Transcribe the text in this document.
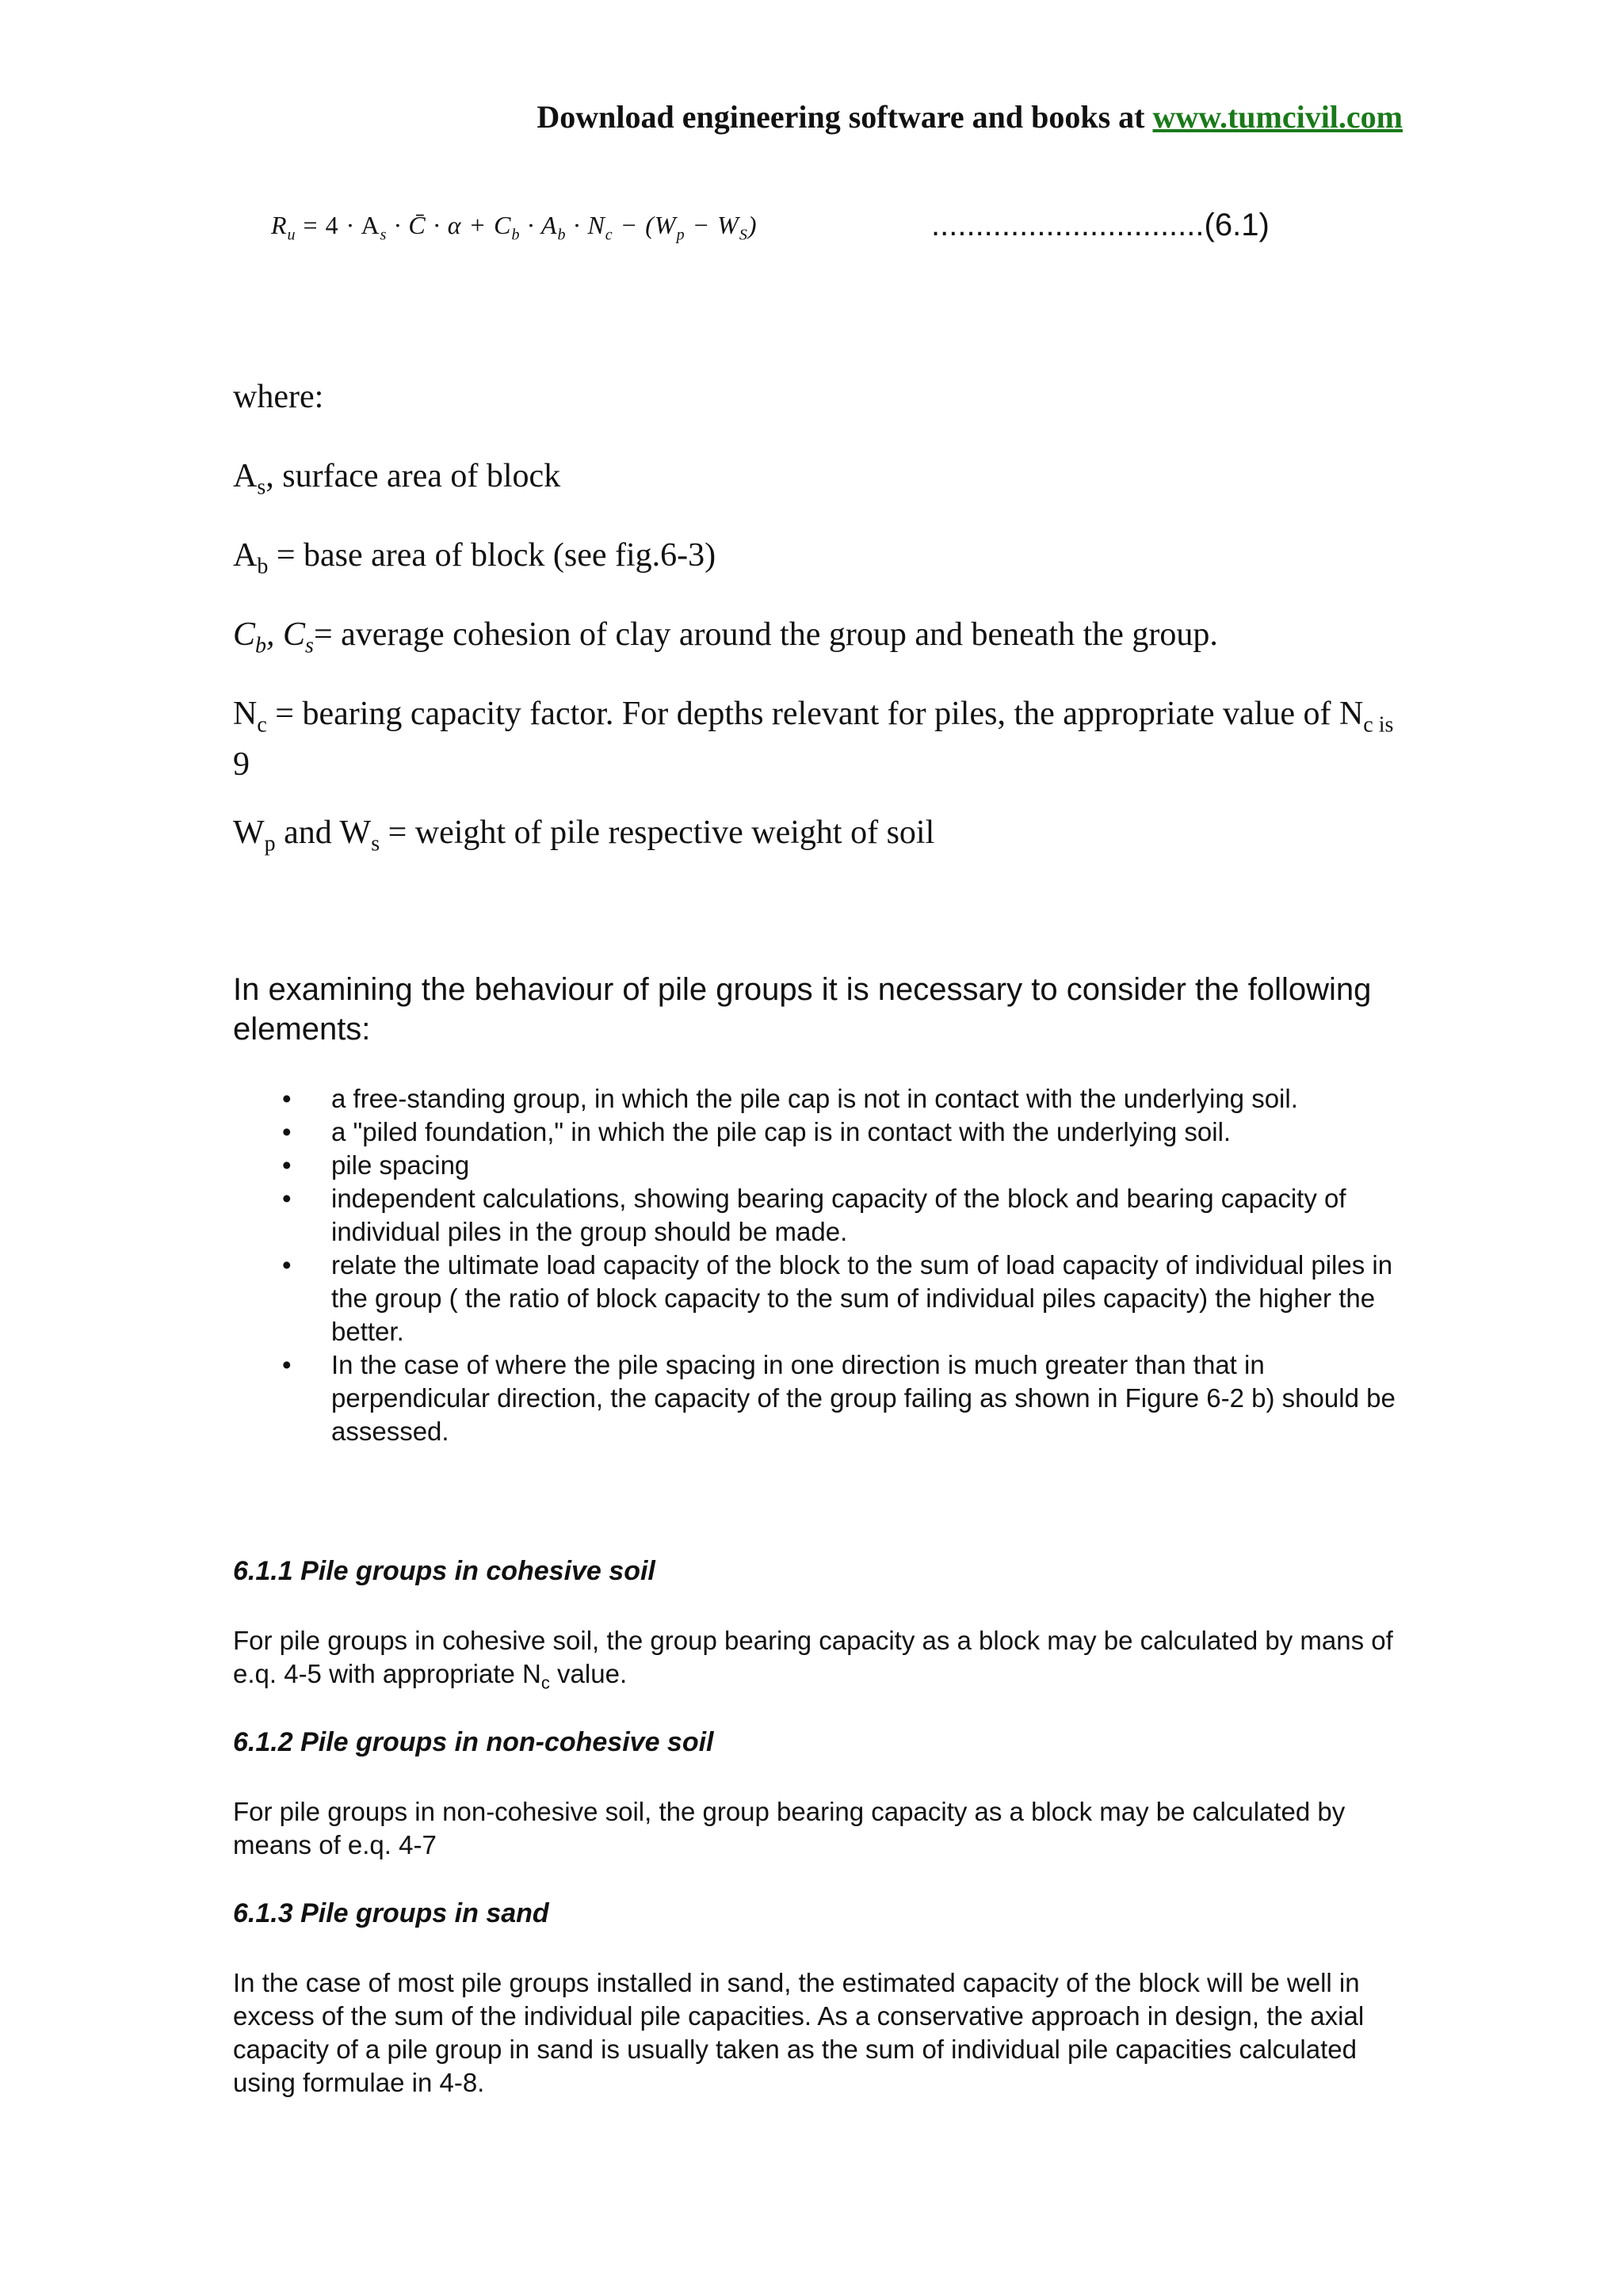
Download engineering software and books at www.tumcivil.com
$R_u = 4 \cdot A_s$ · C̄ · $\alpha + C_b \cdot A_b \cdot N_c - (W_p - W_S)$	...............................(6.1)
where:
$A_s$, surface area of block
$A_b$ = base area of block (see fig.6-3)
$C_b$, $C_s=$ average cohesion of clay around the group and beneath the group.
$N_c$ = bearing capacity factor. For depths relevant for piles, the appropriate value of $N_{c is}$ 9
$W_p$ and $W_s$ = weight of pile respective weight of soil
In examining the behaviour of pile groups it is necessary to consider the following elements:
• a free-standing group, in which the pile cap is not in contact with the underlying soil.
• a "piled foundation," in which the pile cap is in contact with the underlying soil.
• pile spacing
• independent calculations, showing bearing capacity of the block and bearing capacity of individual piles in the group should be made.
• relate the ultimate load capacity of the block to the sum of load capacity of individual piles in the group ( the ratio of block capacity to the sum of individual piles capacity) the higher the better.
• In the case of where the pile spacing in one direction is much greater than that in perpendicular direction, the capacity of the group failing as shown in Figure 6-2 b) should be assessed.
6.1.1 Pile groups in cohesive soil
For pile groups in cohesive soil, the group bearing capacity as a block may be calculated by mans of e.q. 4-5 with appropriate $N_c$ value.
6.1.2 Pile groups in non-cohesive soil
For pile groups in non-cohesive soil, the group bearing capacity as a block may be calculated by means of e.q. 4-7
6.1.3 Pile groups in sand
In the case of most pile groups installed in sand, the estimated capacity of the block will be well in excess of the sum of the individual pile capacities. As a conservative approach in design, the axial capacity of a pile group in sand is usually taken as the sum of individual pile capacities calculated using formulae in 4-8.
